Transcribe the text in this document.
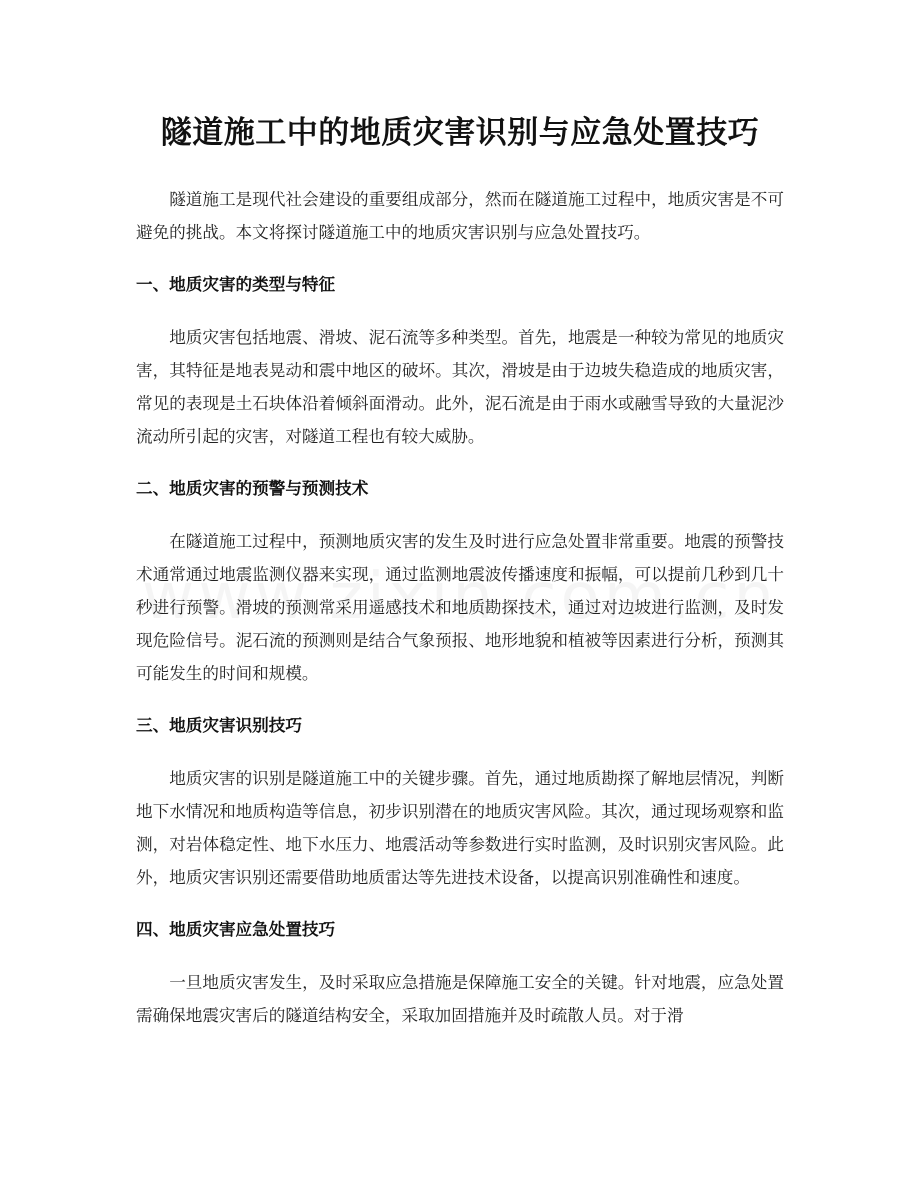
隧道施工中的地质灾害识别与应急处置技巧

隧道施工是现代社会建设的重要组成部分，然而在隧道施工过程中，地质灾害是不可避免的挑战。本文将探讨隧道施工中的地质灾害识别与应急处置技巧。

一、地质灾害的类型与特征

地质灾害包括地震、滑坡、泥石流等多种类型。首先，地震是一种较为常见的地质灾害，其特征是地表晃动和震中地区的破坏。其次，滑坡是由于边坡失稳造成的地质灾害，常见的表现是土石块体沿着倾斜面滑动。此外，泥石流是由于雨水或融雪导致的大量泥沙流动所引起的灾害，对隧道工程也有较大威胁。

二、地质灾害的预警与预测技术

在隧道施工过程中，预测地质灾害的发生及时进行应急处置非常重要。地震的预警技术通常通过地震监测仪器来实现，通过监测地震波传播速度和振幅，可以提前几秒到几十秒进行预警。滑坡的预测常采用遥感技术和地质勘探技术，通过对边坡进行监测，及时发现危险信号。泥石流的预测则是结合气象预报、地形地貌和植被等因素进行分析，预测其可能发生的时间和规模。

三、地质灾害识别技巧

地质灾害的识别是隧道施工中的关键步骤。首先，通过地质勘探了解地层情况，判断地下水情况和地质构造等信息，初步识别潜在的地质灾害风险。其次，通过现场观察和监测，对岩体稳定性、地下水压力、地震活动等参数进行实时监测，及时识别灾害风险。此外，地质灾害识别还需要借助地质雷达等先进技术设备，以提高识别准确性和速度。

四、地质灾害应急处置技巧

一旦地质灾害发生，及时采取应急措施是保障施工安全的关键。针对地震，应急处置需确保地震灾害后的隧道结构安全，采取加固措施并及时疏散人员。对于滑
